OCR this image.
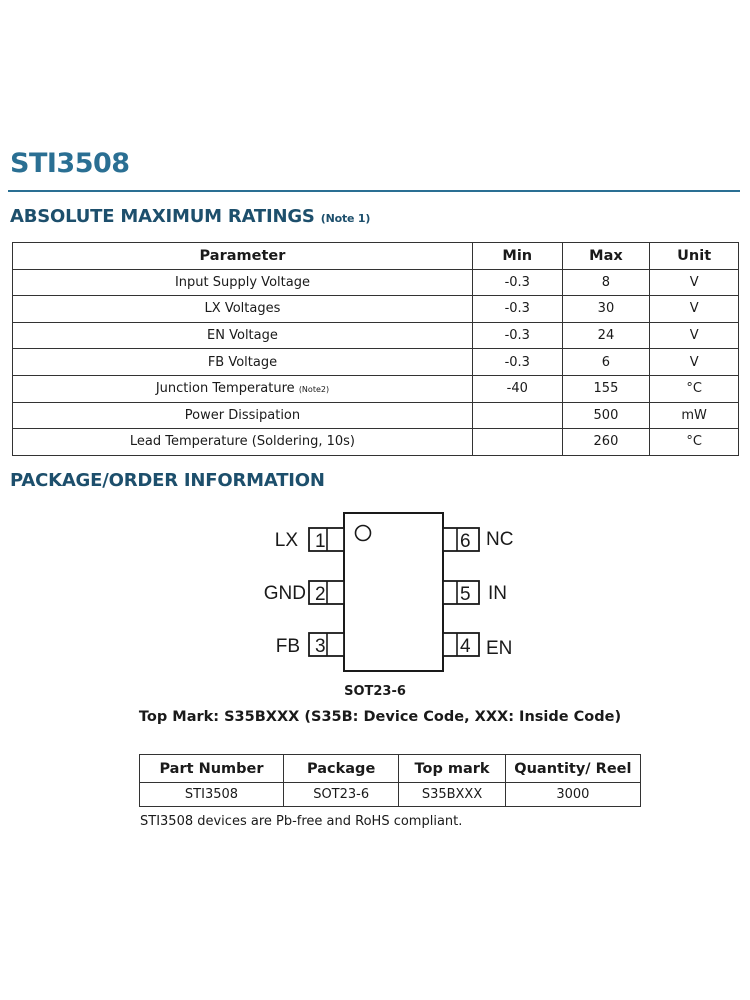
STI3508
ABSOLUTE MAXIMUM RATINGS (Note 1)
Parameter	Min	Max	Unit
Input Supply Voltage	-0.3	8	V
LX Voltages	-0.3	30	V
EN Voltage	-0.3	24	V
FB Voltage	-0.3	6	V
Junction Temperature (Note2)	-40	155	°C
Power Dissipation		500	mW
Lead Temperature (Soldering, 10s)		260	°C
PACKAGE/ORDER INFORMATION
1
2
3
6
5
4
LX
GND
FB
NC
IN
EN
SOT23-6
Top Mark: S35BXXX (S35B: Device Code, XXX: Inside Code)
Part Number	Package	Top mark	Quantity/ Reel
STI3508	SOT23-6	S35BXXX	3000

STI3508 devices are Pb-free and RoHS compliant.
